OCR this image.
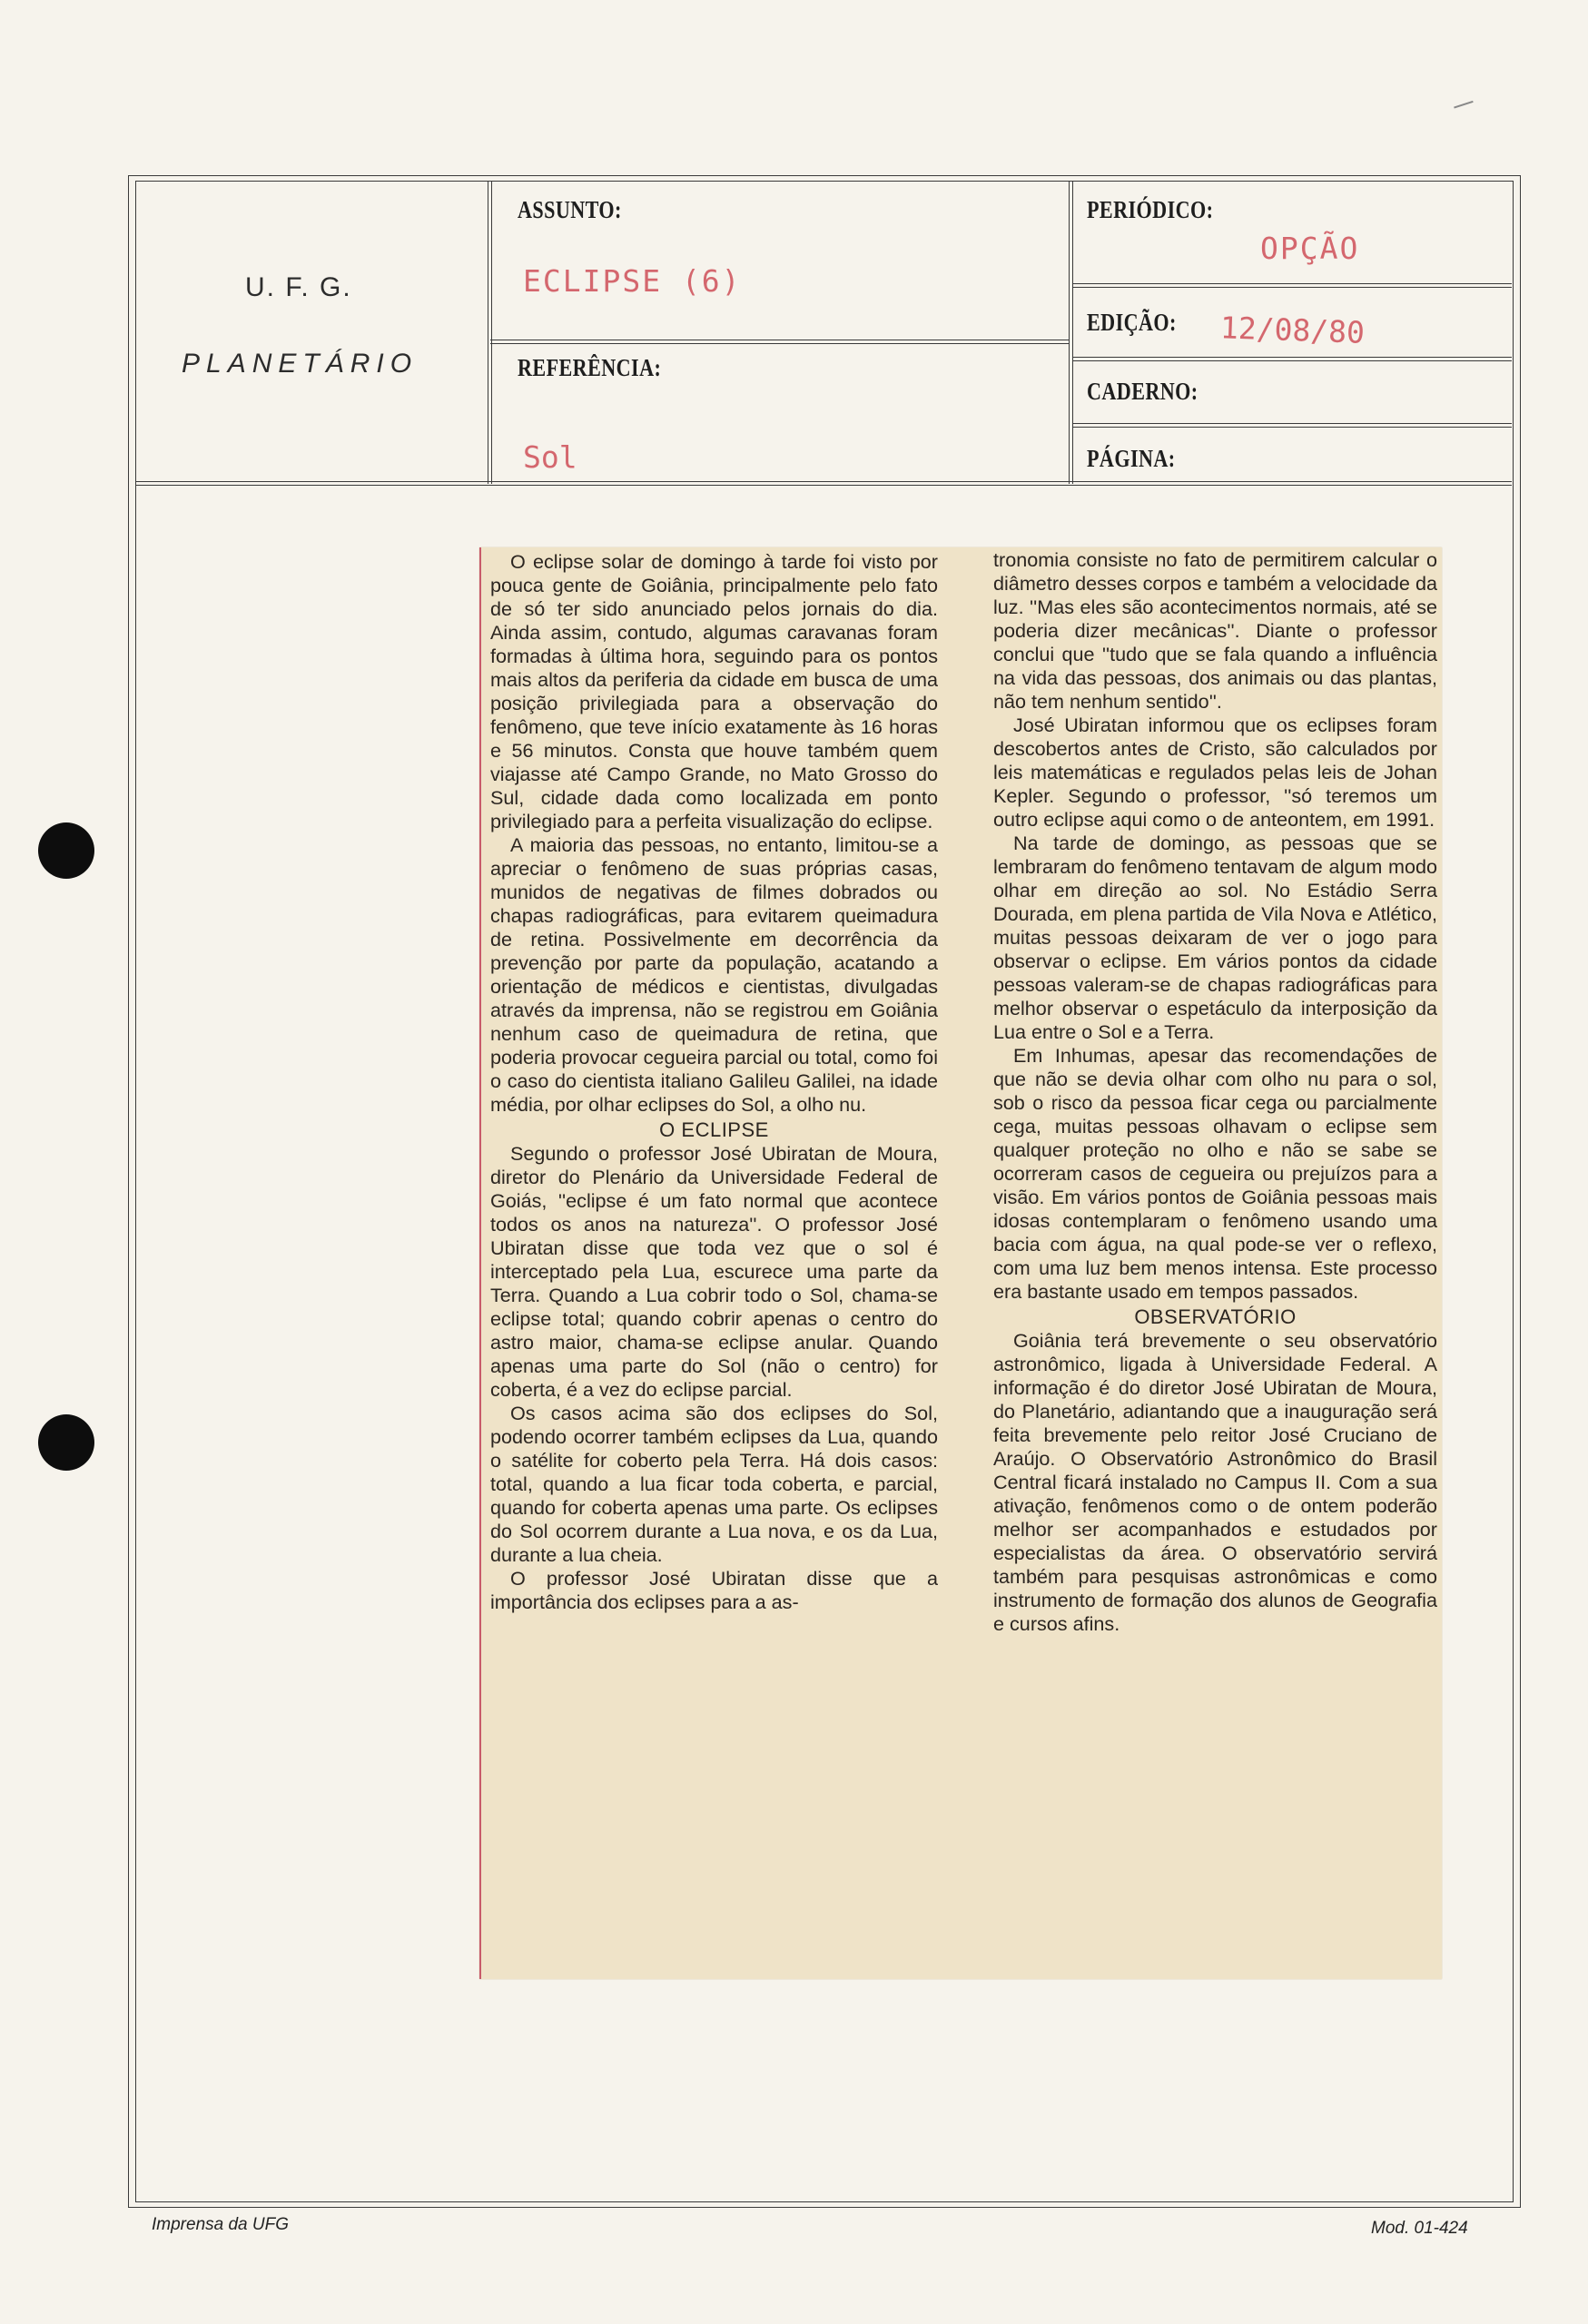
U. F. G.
PLANETÁRIO
ASSUNTO:
ECLIPSE (6)
REFERÊNCIA:
Sol
PERIÓDICO:
OPÇÃO
EDIÇÃO: 12/08/80
CADERNO:
PÁGINA:

O eclipse solar de domingo à tarde foi visto por pouca gente de Goiânia, principalmente pelo fato de só ter sido anunciado pelos jornais do dia. Ainda assim, contudo, algumas caravanas foram formadas à última hora, seguindo para os pontos mais altos da periferia da cidade em busca de uma posição privilegiada para a observação do fenômeno, que teve início exatamente às 16 horas e 56 minutos. Consta que houve também quem viajasse até Campo Grande, no Mato Grosso do Sul, cidade dada como localizada em ponto privilegiado para a perfeita visualização do eclipse.

A maioria das pessoas, no entanto, limitou-se a apreciar o fenômeno de suas próprias casas, munidos de negativas de filmes dobrados ou chapas radiográficas, para evitarem queimadura de retina. Possivelmente em decorrência da prevenção por parte da população, acatando a orientação de médicos e cientistas, divulgadas através da imprensa, não se registrou em Goiânia nenhum caso de queimadura de retina, que poderia provocar cegueira parcial ou total, como foi o caso do cientista italiano Galileu Galilei, na idade média, por olhar eclipses do Sol, a olho nu.

O ECLIPSE

Segundo o professor José Ubiratan de Moura, diretor do Plenário da Universidade Federal de Goiás, ''eclipse é um fato normal que acontece todos os anos na natureza''. O professor José Ubiratan disse que toda vez que o sol é interceptado pela Lua, escurece uma parte da Terra. Quando a Lua cobrir todo o Sol, chama-se eclipse total; quando cobrir apenas o centro do astro maior, chama-se eclipse anular. Quando apenas uma parte do Sol (não o centro) for coberta, é a vez do eclipse parcial.

Os casos acima são dos eclipses do Sol, podendo ocorrer também eclipses da Lua, quando o satélite for coberto pela Terra. Há dois casos: total, quando a lua ficar toda coberta, e parcial, quando for coberta apenas uma parte. Os eclipses do Sol ocorrem durante a Lua nova, e os da Lua, durante a lua cheia.

O professor José Ubiratan disse que a importância dos eclipses para a as-

tronomia consiste no fato de permitirem calcular o diâmetro desses corpos e também a velocidade da luz. ''Mas eles são acontecimentos normais, até se poderia dizer mecânicas''. Diante o professor conclui que ''tudo que se fala quando a influência na vida das pessoas, dos animais ou das plantas, não tem nenhum sentido''.

José Ubiratan informou que os eclipses foram descobertos antes de Cristo, são calculados por leis matemáticas e regulados pelas leis de Johan Kepler. Segundo o professor, ''só teremos um outro eclipse aqui como o de anteontem, em 1991.

Na tarde de domingo, as pessoas que se lembraram do fenômeno tentavam de algum modo olhar em direção ao sol. No Estádio Serra Dourada, em plena partida de Vila Nova e Atlético, muitas pessoas deixaram de ver o jogo para observar o eclipse. Em vários pontos da cidade pessoas valeram-se de chapas radiográficas para melhor observar o espetáculo da interposição da Lua entre o Sol e a Terra.

Em Inhumas, apesar das recomendações de que não se devia olhar com olho nu para o sol, sob o risco da pessoa ficar cega ou parcialmente cega, muitas pessoas olhavam o eclipse sem qualquer proteção no olho e não se sabe se ocorreram casos de cegueira ou prejuízos para a visão. Em vários pontos de Goiânia pessoas mais idosas contemplaram o fenômeno usando uma bacia com água, na qual pode-se ver o reflexo, com uma luz bem menos intensa. Este processo era bastante usado em tempos passados.

OBSERVATÓRIO

Goiânia terá brevemente o seu observatório astronômico, ligada à Universidade Federal. A informação é do diretor José Ubiratan de Moura, do Planetário, adiantando que a inauguração será feita brevemente pelo reitor José Cruciano de Araújo. O Observatório Astronômico do Brasil Central ficará instalado no Campus II. Com a sua ativação, fenômenos como o de ontem poderão melhor ser acompanhados e estudados por especialistas da área. O observatório servirá também para pesquisas astronômicas e como instrumento de formação dos alunos de Geografia e cursos afins.

Imprensa da UFG	Mod. 01-424
